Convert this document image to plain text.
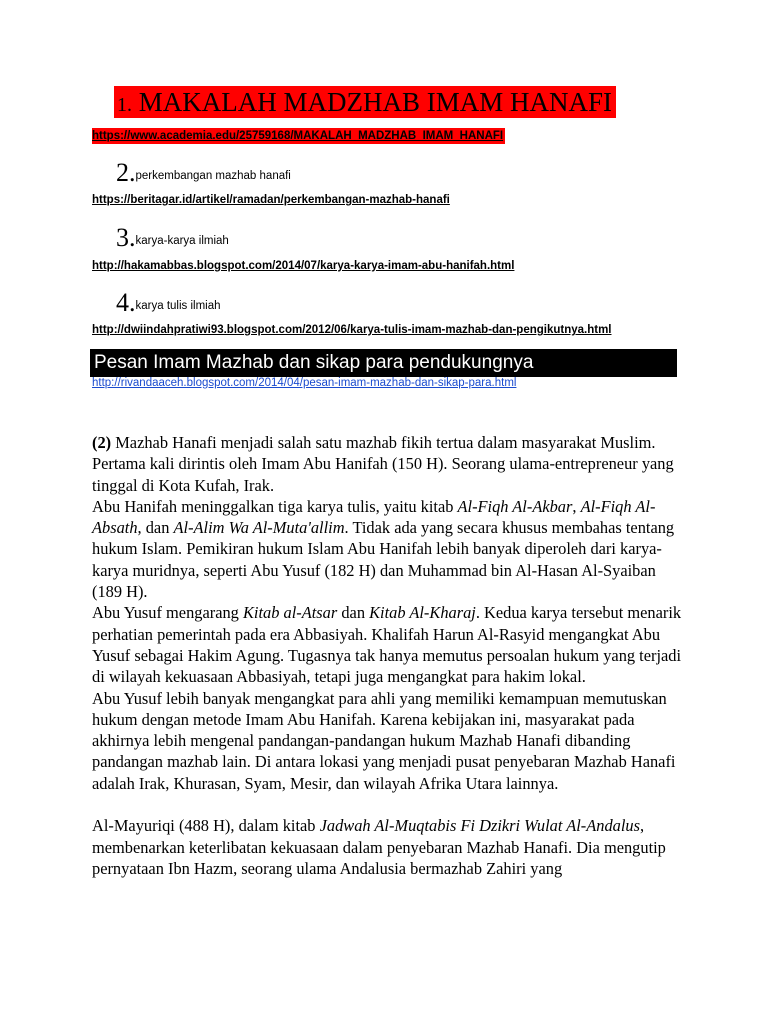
1. MAKALAH MADZHAB IMAM HANAFI
https://www.academia.edu/25759168/MAKALAH_MADZHAB_IMAM_HANAFI
2.perkembangan mazhab hanafi
https://beritagar.id/artikel/ramadan/perkembangan-mazhab-hanafi
3.karya-karya ilmiah
http://hakamabbas.blogspot.com/2014/07/karya-karya-imam-abu-hanifah.html
4.karya tulis ilmiah
http://dwiindahpratiwi93.blogspot.com/2012/06/karya-tulis-imam-mazhab-dan-pengikutnya.html
Pesan Imam Mazhab dan sikap para pendukungnya
http://rivandaaceh.blogspot.com/2014/04/pesan-imam-mazhab-dan-sikap-para.html

(2) Mazhab Hanafi menjadi salah satu mazhab fikih tertua dalam masyarakat Muslim. Pertama kali dirintis oleh Imam Abu Hanifah (150 H). Seorang ulama-entrepreneur yang tinggal di Kota Kufah, Irak.

Abu Hanifah meninggalkan tiga karya tulis, yaitu kitab Al-Fiqh Al-Akbar, Al-Fiqh Al-Absath, dan Al-Alim Wa Al-Muta'allim. Tidak ada yang secara khusus membahas tentang hukum Islam. Pemikiran hukum Islam Abu Hanifah lebih banyak diperoleh dari karya-karya muridnya, seperti Abu Yusuf (182 H) dan Muhammad bin Al-Hasan Al-Syaiban (189 H).

Abu Yusuf mengarang Kitab al-Atsar dan Kitab Al-Kharaj. Kedua karya tersebut menarik perhatian pemerintah pada era Abbasiyah. Khalifah Harun Al-Rasyid mengangkat Abu Yusuf sebagai Hakim Agung. Tugasnya tak hanya memutus persoalan hukum yang terjadi di wilayah kekuasaan Abbasiyah, tetapi juga mengangkat para hakim lokal.

Abu Yusuf lebih banyak mengangkat para ahli yang memiliki kemampuan memutuskan hukum dengan metode Imam Abu Hanifah. Karena kebijakan ini, masyarakat pada akhirnya lebih mengenal pandangan-pandangan hukum Mazhab Hanafi dibanding pandangan mazhab lain. Di antara lokasi yang menjadi pusat penyebaran Mazhab Hanafi adalah Irak, Khurasan, Syam, Mesir, dan wilayah Afrika Utara lainnya.

Al-Mayuriqi (488 H), dalam kitab Jadwah Al-Muqtabis Fi Dzikri Wulat Al-Andalus, membenarkan keterlibatan kekuasaan dalam penyebaran Mazhab Hanafi. Dia mengutip pernyataan Ibn Hazm, seorang ulama Andalusia bermazhab Zahiri yang
